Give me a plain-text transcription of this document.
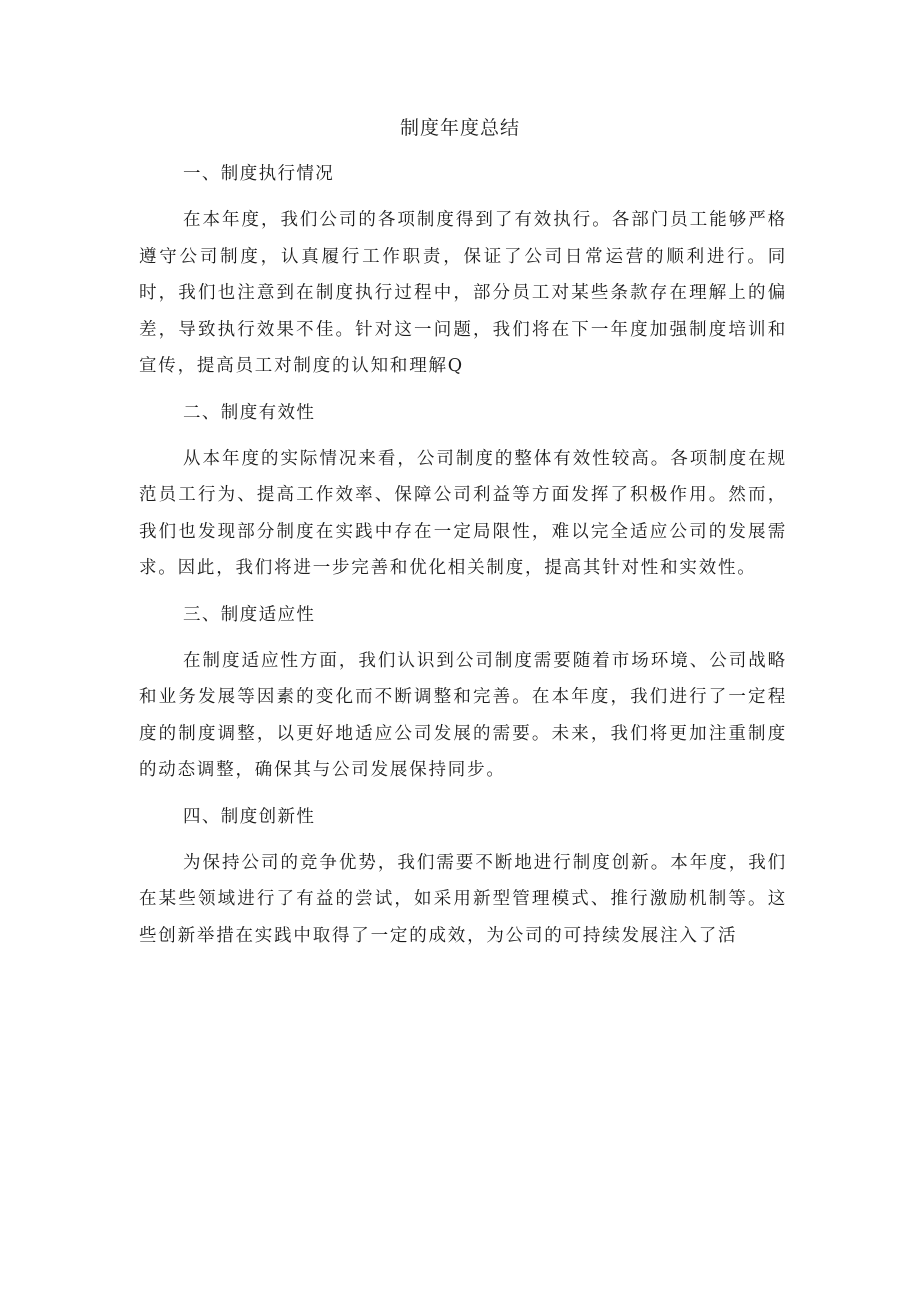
制度年度总结
一、制度执行情况

在本年度，我们公司的各项制度得到了有效执行。各部门员工能够严格遵守公司制度，认真履行工作职责，保证了公司日常运营的顺利进行。同时，我们也注意到在制度执行过程中，部分员工对某些条款存在理解上的偏差，导致执行效果不佳。针对这一问题，我们将在下一年度加强制度培训和宣传，提高员工对制度的认知和理解Q

二、制度有效性

从本年度的实际情况来看，公司制度的整体有效性较高。各项制度在规范员工行为、提高工作效率、保障公司利益等方面发挥了积极作用。然而，我们也发现部分制度在实践中存在一定局限性，难以完全适应公司的发展需求。因此，我们将进一步完善和优化相关制度，提高其针对性和实效性。

三、制度适应性

在制度适应性方面，我们认识到公司制度需要随着市场环境、公司战略和业务发展等因素的变化而不断调整和完善。在本年度，我们进行了一定程度的制度调整，以更好地适应公司发展的需要。未来，我们将更加注重制度的动态调整，确保其与公司发展保持同步。

四、制度创新性

为保持公司的竞争优势，我们需要不断地进行制度创新。本年度，我们在某些领域进行了有益的尝试，如采用新型管理模式、推行激励机制等。这些创新举措在实践中取得了一定的成效，为公司的可持续发展注入了活
